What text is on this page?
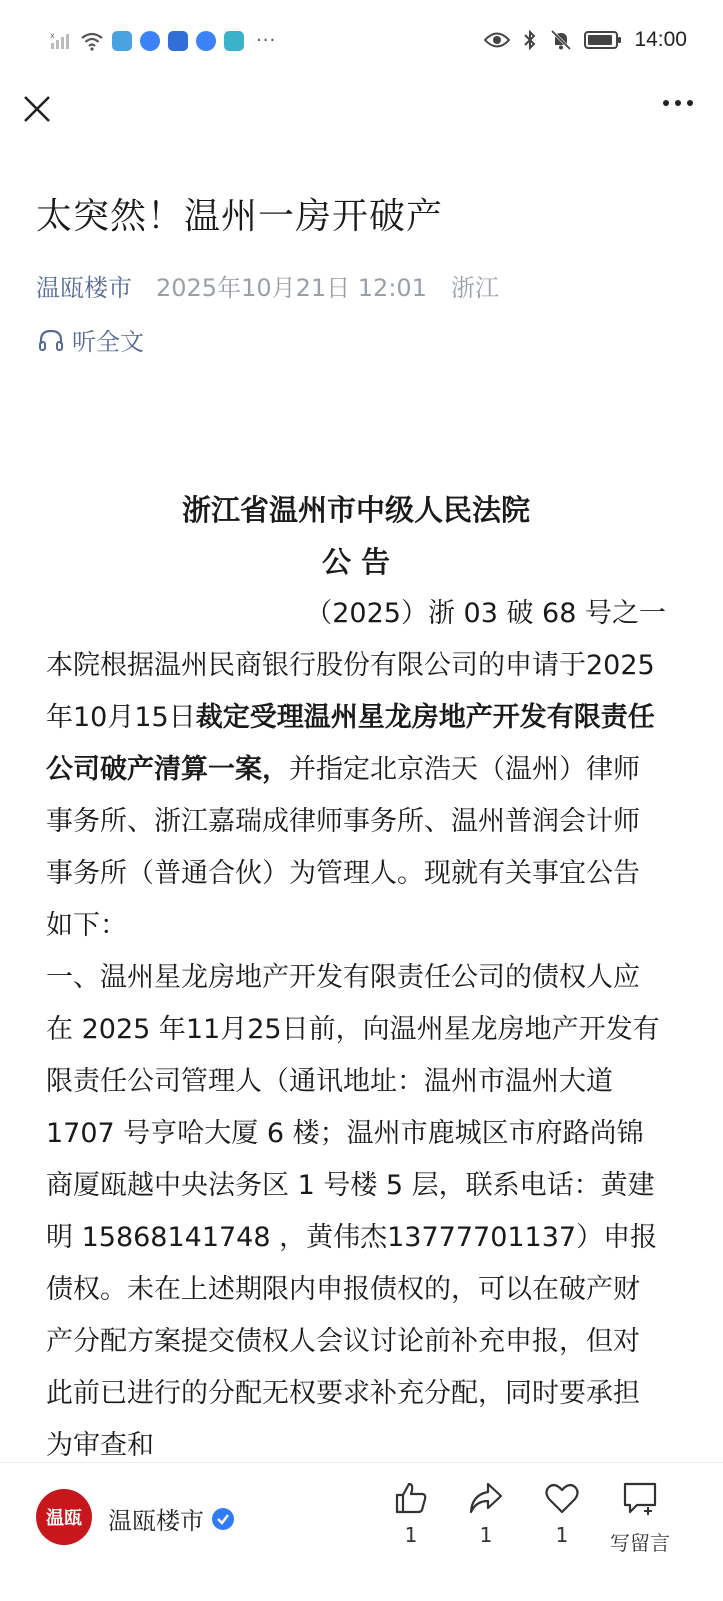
x	···	14:00
太突然！温州一房开破产
温瓯楼市 2025年10月21日 12:01 浙江
听全文

浙江省温州市中级人民法院

公 告

（2025）浙 03 破 68 号之一

本院根据温州民商银行股份有限公司的申请于2025年10月15日裁定受理温州星龙房地产开发有限责任公司破产清算一案，并指定北京浩天（温州）律师事务所、浙江嘉瑞成律师事务所、温州普润会计师事务所（普通合伙）为管理人。现就有关事宜公告如下：

一、温州星龙房地产开发有限责任公司的债权人应在 2025 年11月25日前，向温州星龙房地产开发有限责任公司管理人（通讯地址：温州市温州大道 1707 号亨哈大厦 6 楼；温州市鹿城区市府路尚锦商厦瓯越中央法务区 1 号楼 5 层，联系电话：黄建明 15868141748 ，黄伟杰13777701137）申报债权。未在上述期限内申报债权的，可以在破产财产分配方案提交债权人会议讨论前补充申报，但对此前已进行的分配无权要求补充分配，同时要承担为审查和

温瓯	温瓯楼市	1	1	1	写留言
